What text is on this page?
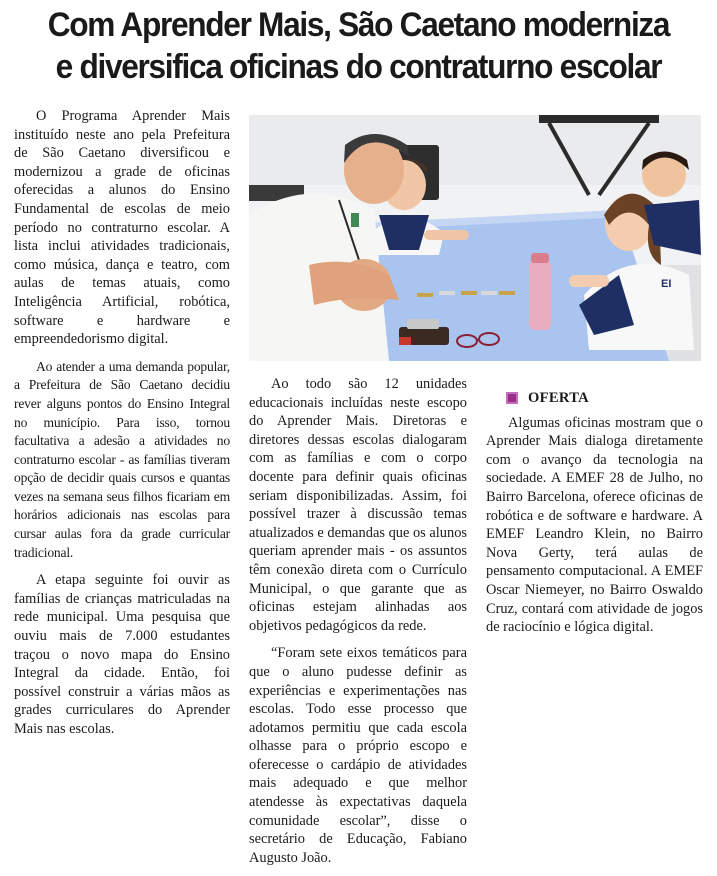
Com Aprender Mais, São Caetano moderniza
e diversifica oficinas do contraturno escolar
EI

O Programa Aprender Mais instituído neste ano pela Prefeitura de São Caetano diversificou e modernizou a grade de oficinas oferecidas a alunos do Ensino Fundamental de escolas de meio período no contraturno escolar. A lista inclui atividades tradicionais, como música, dança e teatro, com aulas de temas atuais, como Inteligência Artificial, robótica, software e hardware e empreendedorismo digital.

Ao atender a uma demanda popular, a Prefeitura de São Caetano decidiu rever alguns pontos do Ensino Integral no município. Para isso, tornou facultativa a adesão a atividades no contraturno escolar - as famílias tiveram opção de decidir quais cursos e quantas vezes na semana seus filhos ficariam em horários adicionais nas escolas para cursar aulas fora da grade curricular tradicional.

A etapa seguinte foi ouvir as famílias de crianças matriculadas na rede municipal. Uma pesquisa que ouviu mais de 7.000 estudantes traçou o novo mapa do Ensino Integral da cidade. Então, foi possível construir a várias mãos as grades curriculares do Aprender Mais nas escolas.

Ao todo são 12 unidades educacionais incluídas neste escopo do Aprender Mais. Diretoras e diretores dessas escolas dialogaram com as famílias e com o corpo docente para definir quais oficinas seriam disponibilizadas. Assim, foi possível trazer à discussão temas atualizados e demandas que os alunos queriam aprender mais - os assuntos têm conexão direta com o Currículo Municipal, o que garante que as oficinas estejam alinhadas aos objetivos pedagógicos da rede.

“Foram sete eixos temáticos para que o aluno pudesse definir as experiências e experimentações nas escolas. Todo esse processo que adotamos permitiu que cada escola olhasse para o próprio escopo e oferecesse o cardápio de atividades mais adequado e que melhor atendesse às expectativas daquela comunidade escolar”, disse o secretário de Educação, Fabiano Augusto João.

OFERTA

Algumas oficinas mostram que o Aprender Mais dialoga diretamente com o avanço da tecnologia na sociedade. A EMEF 28 de Julho, no Bairro Barcelona, oferece oficinas de robótica e de software e hardware. A EMEF Leandro Klein, no Bairro Nova Gerty, terá aulas de pensamento computacional. A EMEF Oscar Niemeyer, no Bairro Oswaldo Cruz, contará com atividade de jogos de raciocínio e lógica digital.
